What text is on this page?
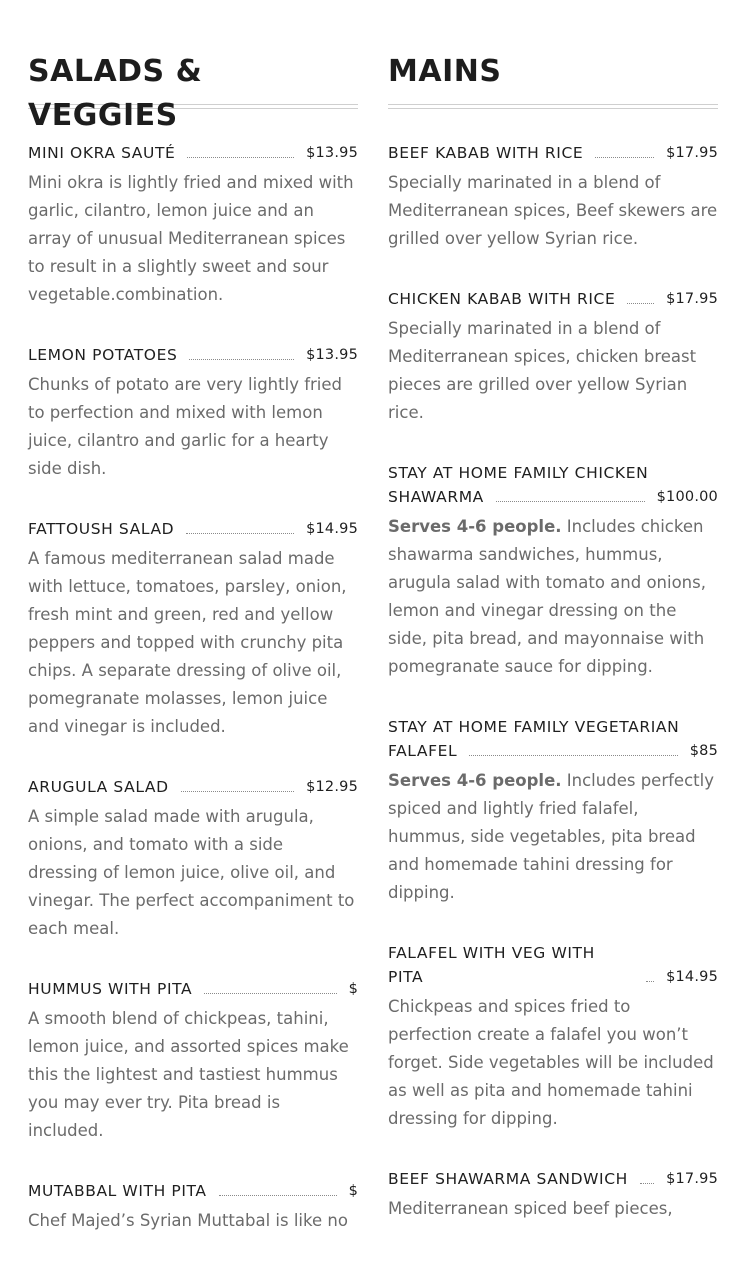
SALADS & VEGGIES
MINI OKRA SAUTÉ	$13.95

Mini okra is lightly fried and mixed with garlic, cilantro, lemon juice and an array of unusual Mediterranean spices to result in a slightly sweet and sour vegetable.combination.

LEMON POTATOES	$13.95

Chunks of potato are very lightly fried to perfection and mixed with lemon juice, cilantro and garlic for a hearty side dish.

FATTOUSH SALAD	$14.95

A famous mediterranean salad made with lettuce, tomatoes, parsley, onion, fresh mint and green, red and yellow peppers and topped with crunchy pita chips. A separate dressing of olive oil, pomegranate molasses, lemon juice and vinegar is included.

ARUGULA SALAD	$12.95

A simple salad made with arugula, onions, and tomato with a side dressing of lemon juice, olive oil, and vinegar. The perfect accompaniment to each meal.

HUMMUS WITH PITA	$

A smooth blend of chickpeas, tahini, lemon juice, and assorted spices make this the lightest and tastiest hummus you may ever try. Pita bread is included.

MUTABBAL WITH PITA	$

Chef Majed’s Syrian Muttabal is like no

MAINS
BEEF KABAB WITH RICE	$17.95

Specially marinated in a blend of Mediterranean spices, Beef skewers are grilled over yellow Syrian rice.

CHICKEN KABAB WITH RICE	$17.95

Specially marinated in a blend of Mediterranean spices, chicken breast pieces are grilled over yellow Syrian rice.

STAY AT HOME FAMILY CHICKEN
SHAWARMA	$100.00

Serves 4-6 people. Includes chicken shawarma sandwiches, hummus, arugula salad with tomato and onions, lemon and vinegar dressing on the side, pita bread, and mayonnaise with pomegranate sauce for dipping.

STAY AT HOME FAMILY VEGETARIAN
FALAFEL	$85

Serves 4-6 people. Includes perfectly spiced and lightly fried falafel, hummus, side vegetables, pita bread and homemade tahini dressing for dipping.

FALAFEL WITH VEG WITH PITA	$14.95

Chickpeas and spices fried to perfection create a falafel you won’t forget. Side vegetables will be included as well as pita and homemade tahini dressing for dipping.

BEEF SHAWARMA SANDWICH	$17.95

Mediterranean spiced beef pieces,
